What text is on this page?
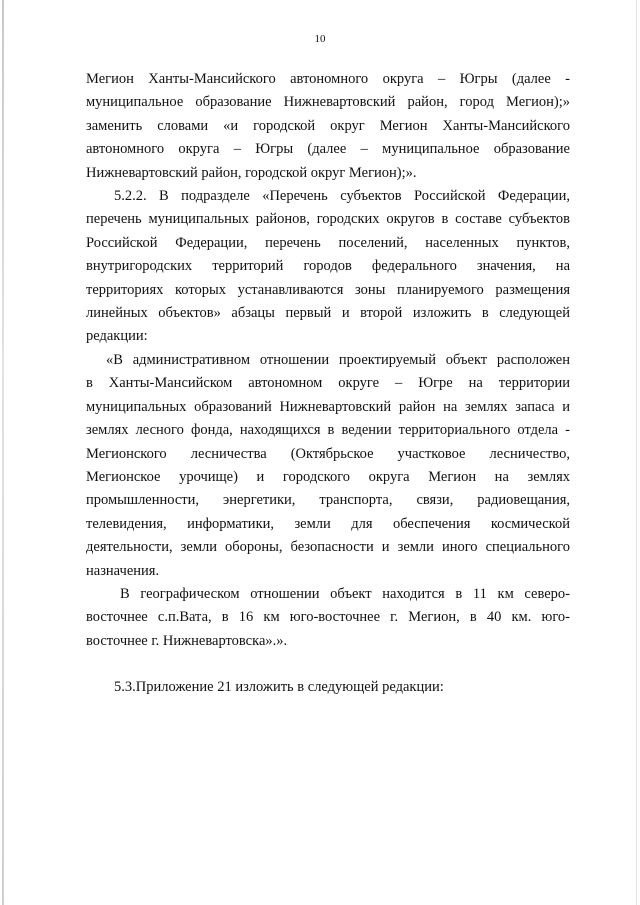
10
Мегион Ханты-Мансийского автономного округа – Югры (далее -
муниципальное образование Нижневартовский район, город Мегион);»
заменить словами «и городской округ Мегион Ханты-Мансийского
автономного округа – Югры (далее – муниципальное образование
Нижневартовский район, городской округ Мегион);».
5.2.2. В подразделе «Перечень субъектов Российской Федерации,
перечень муниципальных районов, городских округов в составе субъектов
Российской Федерации, перечень поселений, населенных пунктов,
внутригородских территорий городов федерального значения, на
территориях которых устанавливаются зоны планируемого размещения
линейных объектов» абзацы первый и второй изложить в следующей
редакции:
«В административном отношении проектируемый объект расположен
в Ханты-Мансийском автономном округе – Югре на территории
муниципальных образований Нижневартовский район на землях запаса и
землях лесного фонда, находящихся в ведении территориального отдела -
Мегионского лесничества (Октябрьское участковое лесничество,
Мегионское урочище) и городского округа Мегион на землях
промышленности, энергетики, транспорта, связи, радиовещания,
телевидения, информатики, земли для обеспечения космической
деятельности, земли обороны, безопасности и земли иного специального
назначения.
В географическом отношении объект находится в 11 км северо-
восточнее с.п.Вата, в 16 км юго-восточнее г. Мегион, в 40 км. юго-
восточнее г. Нижневартовска».».
5.3.Приложение 21 изложить в следующей редакции:
